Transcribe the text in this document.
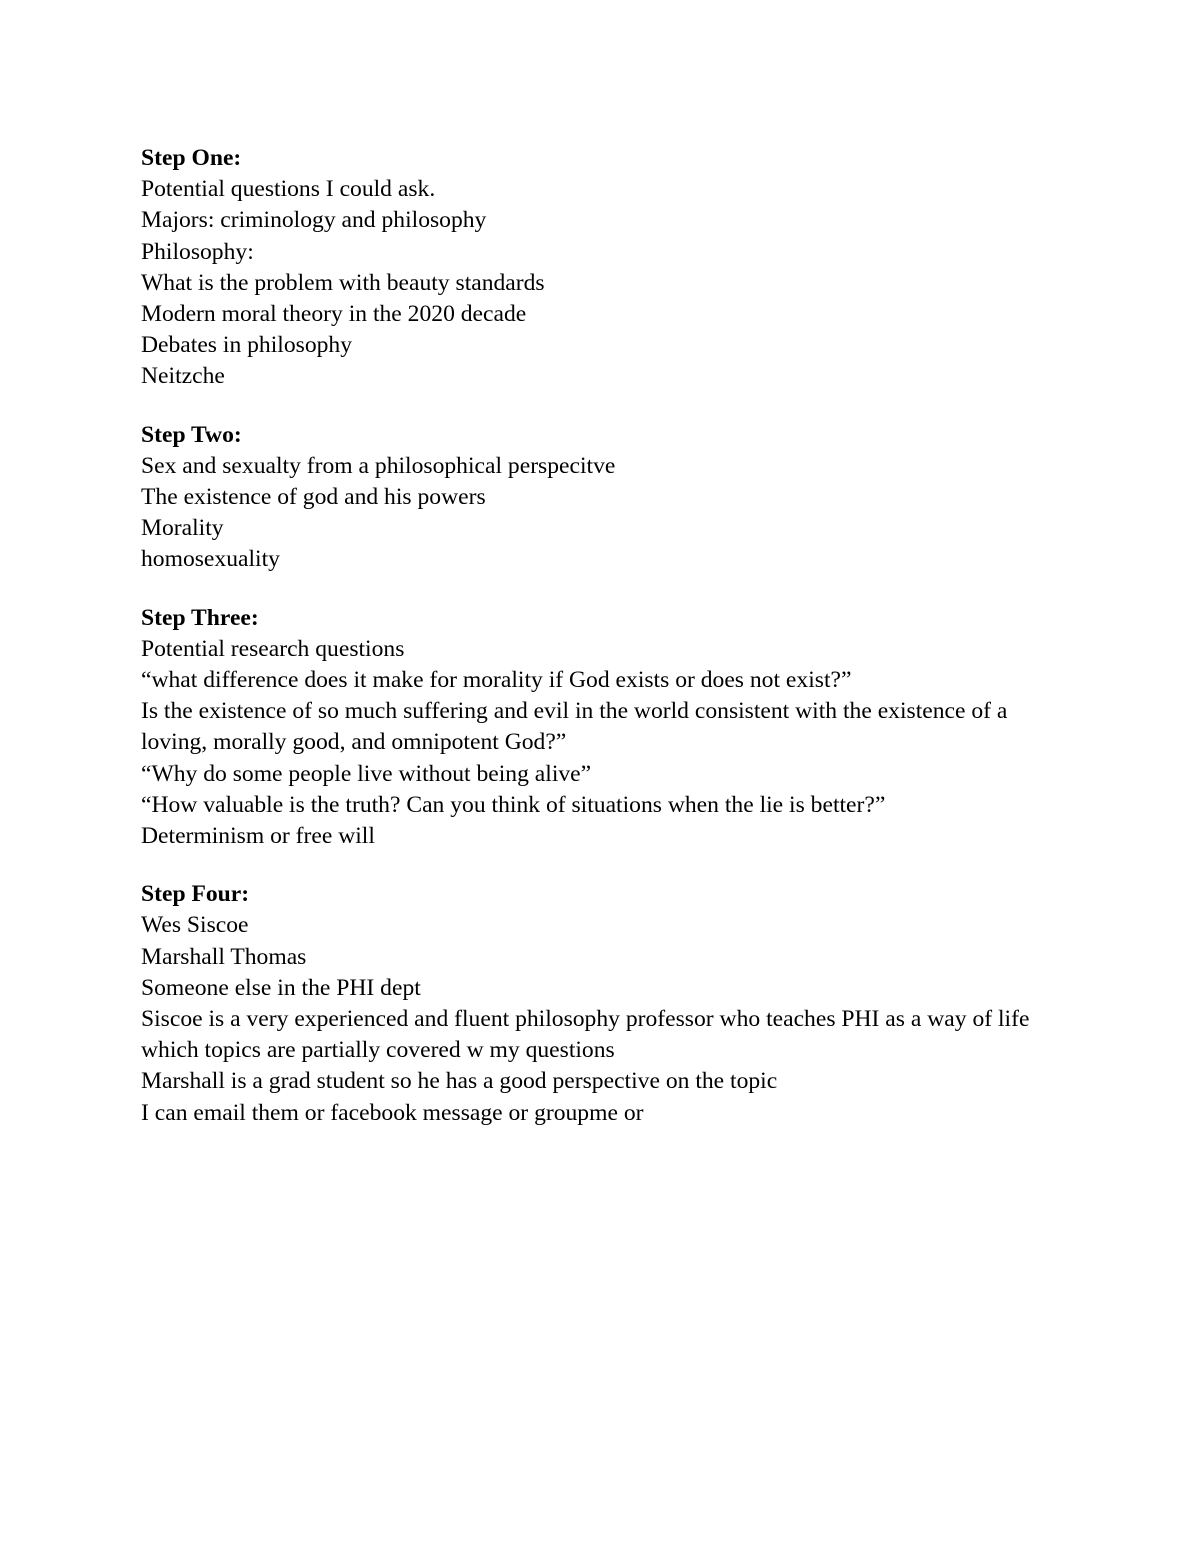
Step One:

Potential questions I could ask.

Majors: criminology and philosophy

Philosophy:

What is the problem with beauty standards

Modern moral theory in the 2020 decade

Debates in philosophy

Neitzche

Step Two:

Sex and sexualty from a philosophical perspecitve

The existence of god and his powers

Morality

homosexuality

Step Three:

Potential research questions

“what difference does it make for morality if God exists or does not exist?”

Is the existence of so much suffering and evil in the world consistent with the existence of a loving, morally good, and omnipotent God?”

“Why do some people live without being alive”

“How valuable is the truth? Can you think of situations when the lie is better?”

Determinism or free will

Step Four:

Wes Siscoe

Marshall Thomas

Someone else in the PHI dept

Siscoe is a very experienced and fluent philosophy professor who teaches PHI as a way of life which topics are partially covered w my questions

Marshall is a grad student so he has a good perspective on the topic

I can email them or facebook message or groupme or
